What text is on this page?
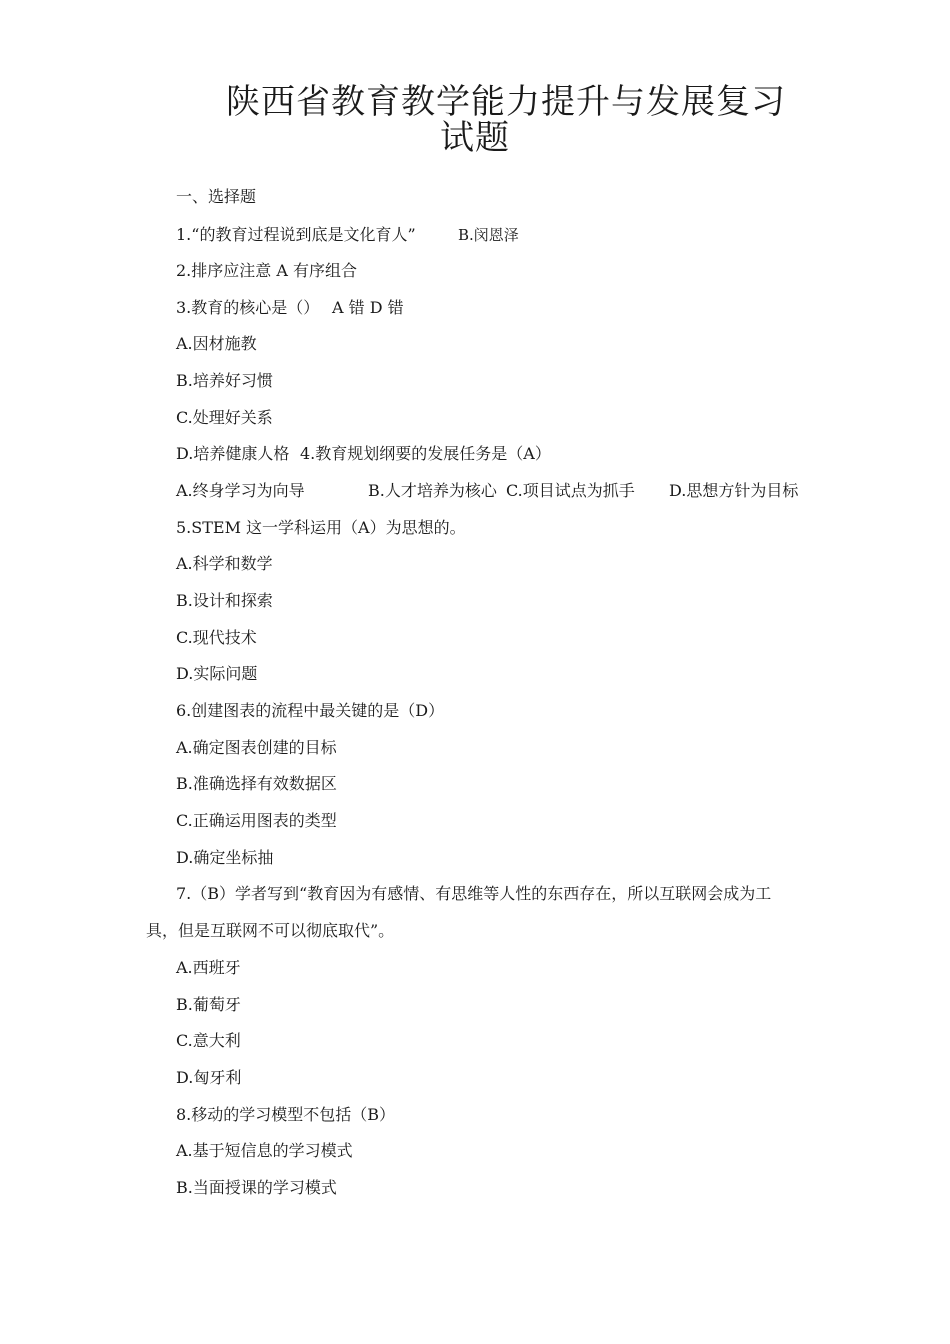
陕西省教育教学能力提升与发展复习
试题
一、选择题
1.“的教育过程说到底是文化育人”	B.闵恩泽
2.排序应注意 A 有序组合
3.教育的核心是（） A 错 D 错
A.因材施教
B.培养好习惯
C.处理好关系
D.培养健康人格 4.教育规划纲要的发展任务是（A）
A.终身学习为向导	B.人才培养为核心 C.项目试点为抓手 D.思想方针为目标
5.STEM 这一学科运用（A）为思想的。
A.科学和数学
B.设计和探索
C.现代技术
D.实际问题
6.创建图表的流程中最关键的是（D）
A.确定图表创建的目标
B.准确选择有效数据区
C.正确运用图表的类型
D.确定坐标抽
7.（B）学者写到“教育因为有感情、有思维等人性的东西存在，所以互联网会成为工
具，但是互联网不可以彻底取代”。
A.西班牙
B.葡萄牙
C.意大利
D.匈牙利
8.移动的学习模型不包括（B）
A.基于短信息的学习模式
B.当面授课的学习模式
